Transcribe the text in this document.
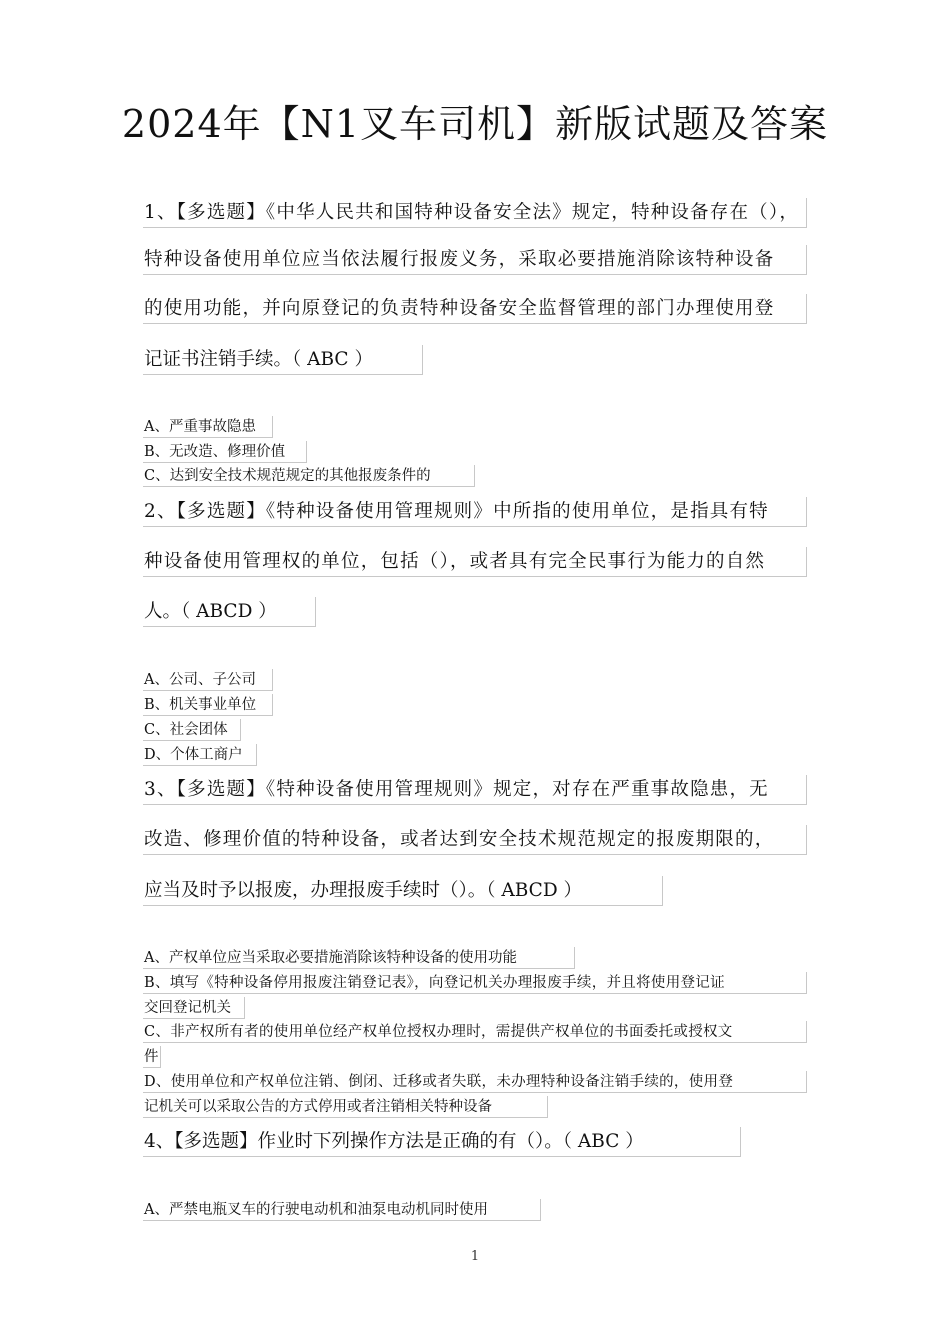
2024年【N1叉车司机】新版试题及答案
1、【多选题】《中华人民共和国特种设备安全法》规定，特种设备存在（），
特种设备使用单位应当依法履行报废义务，采取必要措施消除该特种设备
的使用功能，并向原登记的负责特种设备安全监督管理的部门办理使用登
记证书注销手续。（ ABC ）
A、严重事故隐患
B、无改造、修理价值
C、达到安全技术规范规定的其他报废条件的
2、【多选题】《特种设备使用管理规则》中所指的使用单位，是指具有特
种设备使用管理权的单位，包括（），或者具有完全民事行为能力的自然
人。（ ABCD ）
A、公司、子公司
B、机关事业单位
C、社会团体
D、个体工商户
3、【多选题】《特种设备使用管理规则》规定，对存在严重事故隐患，无
改造、修理价值的特种设备，或者达到安全技术规范规定的报废期限的，
应当及时予以报废，办理报废手续时（）。（ ABCD ）
A、产权单位应当采取必要措施消除该特种设备的使用功能
B、填写《特种设备停用报废注销登记表》，向登记机关办理报废手续，并且将使用登记证
交回登记机关
C、非产权所有者的使用单位经产权单位授权办理时，需提供产权单位的书面委托或授权文
件
D、使用单位和产权单位注销、倒闭、迁移或者失联，未办理特种设备注销手续的，使用登
记机关可以采取公告的方式停用或者注销相关特种设备
4、【多选题】作业时下列操作方法是正确的有（）。（ ABC ）
A、严禁电瓶叉车的行驶电动机和油泵电动机同时使用
1
